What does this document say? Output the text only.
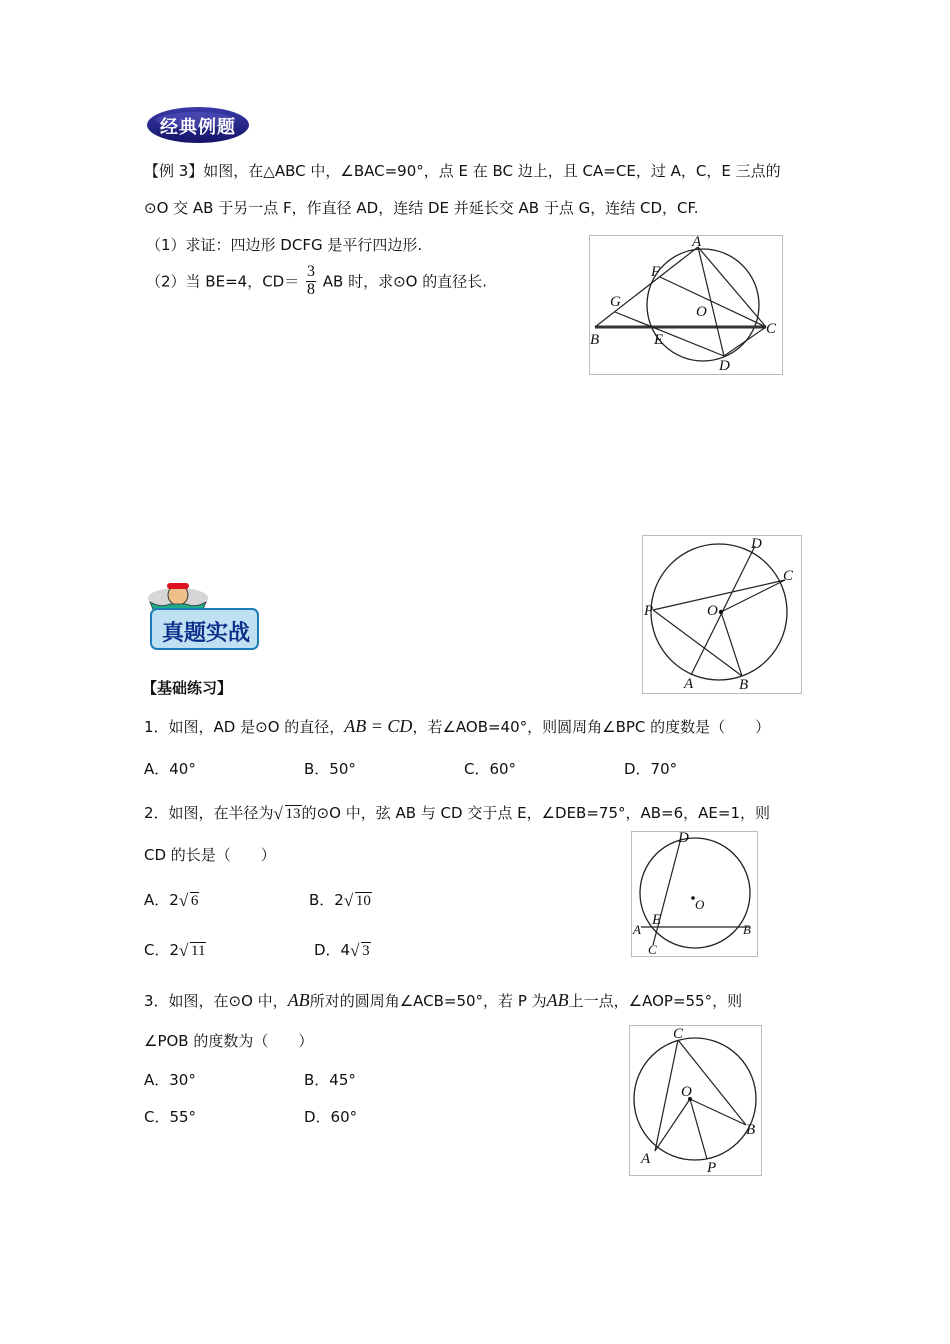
经典例题
【例 3】如图，在△ABC 中，∠BAC=90°，点 E 在 BC 边上，且 CA=CE，过 A，C，E 三点的
⊙O 交 AB 于另一点 F，作直径 AD，连结 DE 并延长交 AB 于点 G，连结 CD，CF.
（1）求证：四边形 DCFG 是平行四边形.
（2）当 BE=4，$CD= \frac{3}{8}$ AB 时，求⊙O 的直径长.
A
F
G
O
B	E
C
D
D
C
P	O
A	B
真题实战
【基础练习】
1．如图，AD 是⊙O 的直径，AB = CD，若∠AOB=40°，则圆周角∠BPC 的度数是（　　）
A．40°	B．50°	C．60°	D．70°
2．如图，在半径为 √ 13的⊙O 中，弦 AB 与 CD 交于点 E，∠DEB=75°，AB=6，AE=1，则
CD 的长是（　　）
A．2 √ 6	B．2 √ 10
C．2 √ 11	D．4 √ 3
D
O
E
A	B
C
3．如图，在⊙O 中，AB所对的圆周角∠ACB=50°，若 P 为AB上一点，∠AOP=55°，则
∠POB 的度数为（　　）
A．30°	B．45°
C．55°	D．60°
C
O
B
A
P
